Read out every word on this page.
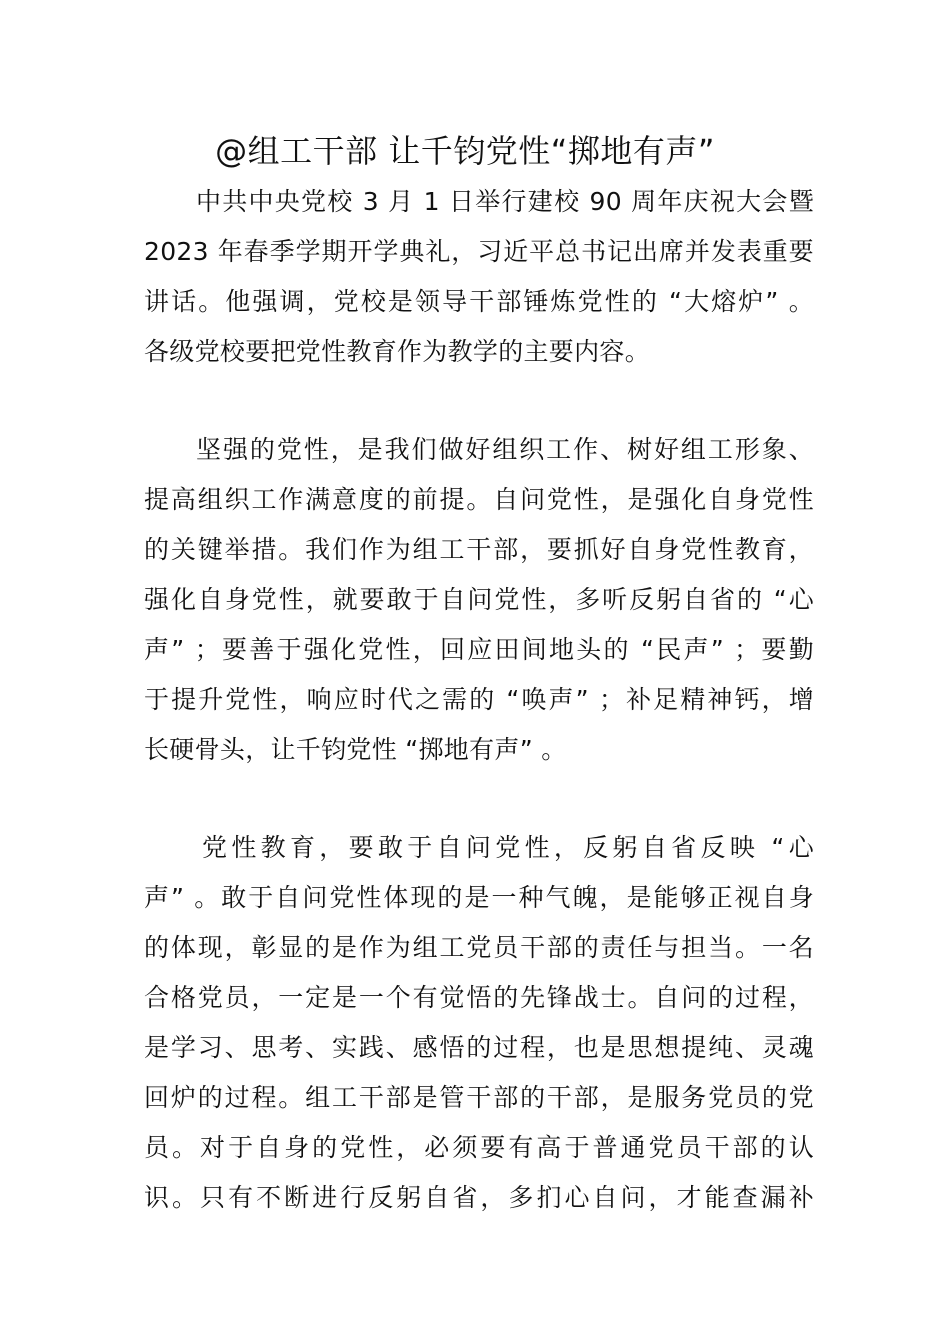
@组工干部 让千钧党性“掷地有声”
中共中央党校 3 月 1 日举行建校 90 周年庆祝大会暨
2023 年春季学期开学典礼，习近平总书记出席并发表重要
讲话。他强调，党校是领导干部锤炼党性的 “大熔炉” 。
各级党校要把党性教育作为教学的主要内容。
坚强的党性，是我们做好组织工作、树好组工形象、
提高组织工作满意度的前提。自问党性，是强化自身党性
的关键举措。我们作为组工干部，要抓好自身党性教育，
强化自身党性，就要敢于自问党性，多听反躬自省的 “心
声” ；要善于强化党性，回应田间地头的 “民声” ；要勤
于提升党性，响应时代之需的 “唤声” ；补足精神钙，增
长硬骨头，让千钧党性 “掷地有声” 。
党性教育，要敢于自问党性，反躬自省反映 “心
声” 。敢于自问党性体现的是一种气魄，是能够正视自身
的体现，彰显的是作为组工党员干部的责任与担当。一名
合格党员，一定是一个有觉悟的先锋战士。自问的过程，
是学习、思考、实践、感悟的过程，也是思想提纯、灵魂
回炉的过程。组工干部是管干部的干部，是服务党员的党
员。对于自身的党性，必须要有高于普通党员干部的认
识。只有不断进行反躬自省，多扪心自问，才能查漏补
